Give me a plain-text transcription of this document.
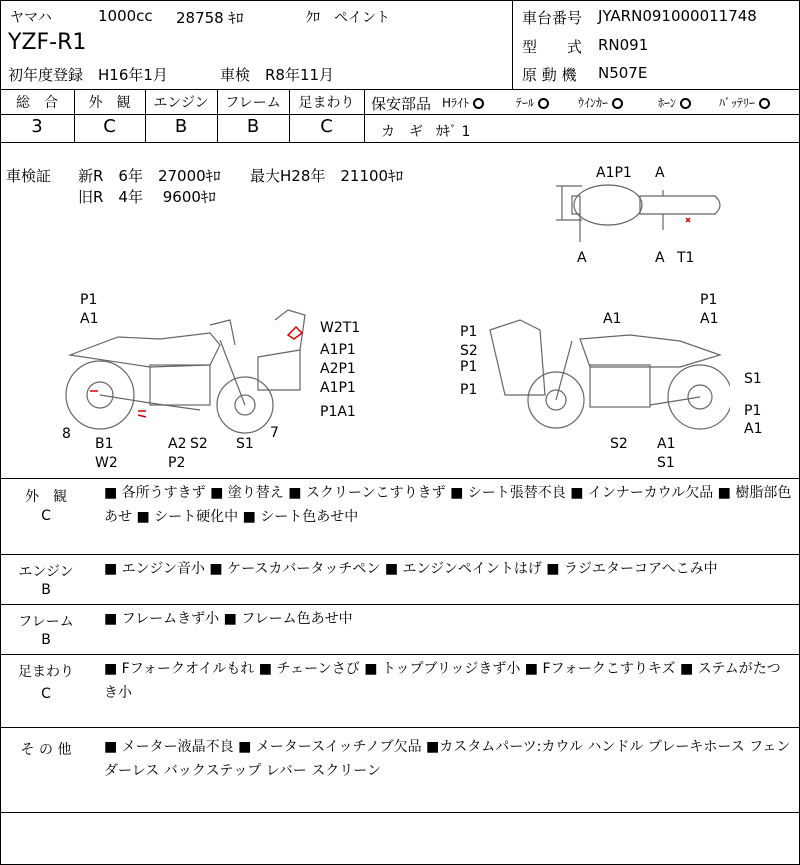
ヤマハ	1000cc 28758 ｷﾛ	ｸﾛ　ペイント
YZF-R1
初年度登録　H16年1月	車検　R8年11月
車台番号 JYARN091000011748
型　　式 RN091
原 動 機 N507E
総　合	外　観	エンジン	フレーム	足まわり
3	C	B	B	C
保安部品 Hﾗｲﾄ	ﾃｰﾙ	ｳｲﾝｶｰ	ﾎｰﾝ	ﾊﾞｯﾃﾘｰ
カ　ギ ｶｷﾞ 1
車検証 新R　6年　27000ｷﾛ 最大H28年　21100ｷﾛ
旧R　4年　 9600ｷﾛ
A1P1 A
A	A T1
P1
A1
W2T1
A1P1
A2P1
A1P1
P1A1
8
B1
W2
A2 S2
P2
S1
7
P1
S2
P1
P1
A1
P1
A1
S1
P1
A1
S2 A1
S1
外　観
C
■ 各所うすきず ■ 塗り替え ■ スクリーンこすりきず ■ シート張替不良 ■ インナーカウル欠品 ■ 樹脂部色あせ ■ シート硬化中 ■ シート色あせ中
エンジン
B
■ エンジン音小 ■ ケースカバータッチペン ■ エンジンペイントはげ ■ ラジエターコアへこみ中
フレーム
B
■ フレームきず小 ■ フレーム色あせ中
足まわり
C
■ Fフォークオイルもれ ■ チェーンさび ■ トップブリッジきず小 ■ Fフォークこすりキズ ■ ステムがたつき小
そ の 他	■ メーター液晶不良 ■ メータースイッチノブ欠品 ■カスタムパーツ:カウル ハンドル ブレーキホース フェンダーレス バックステップ レバー スクリーン
